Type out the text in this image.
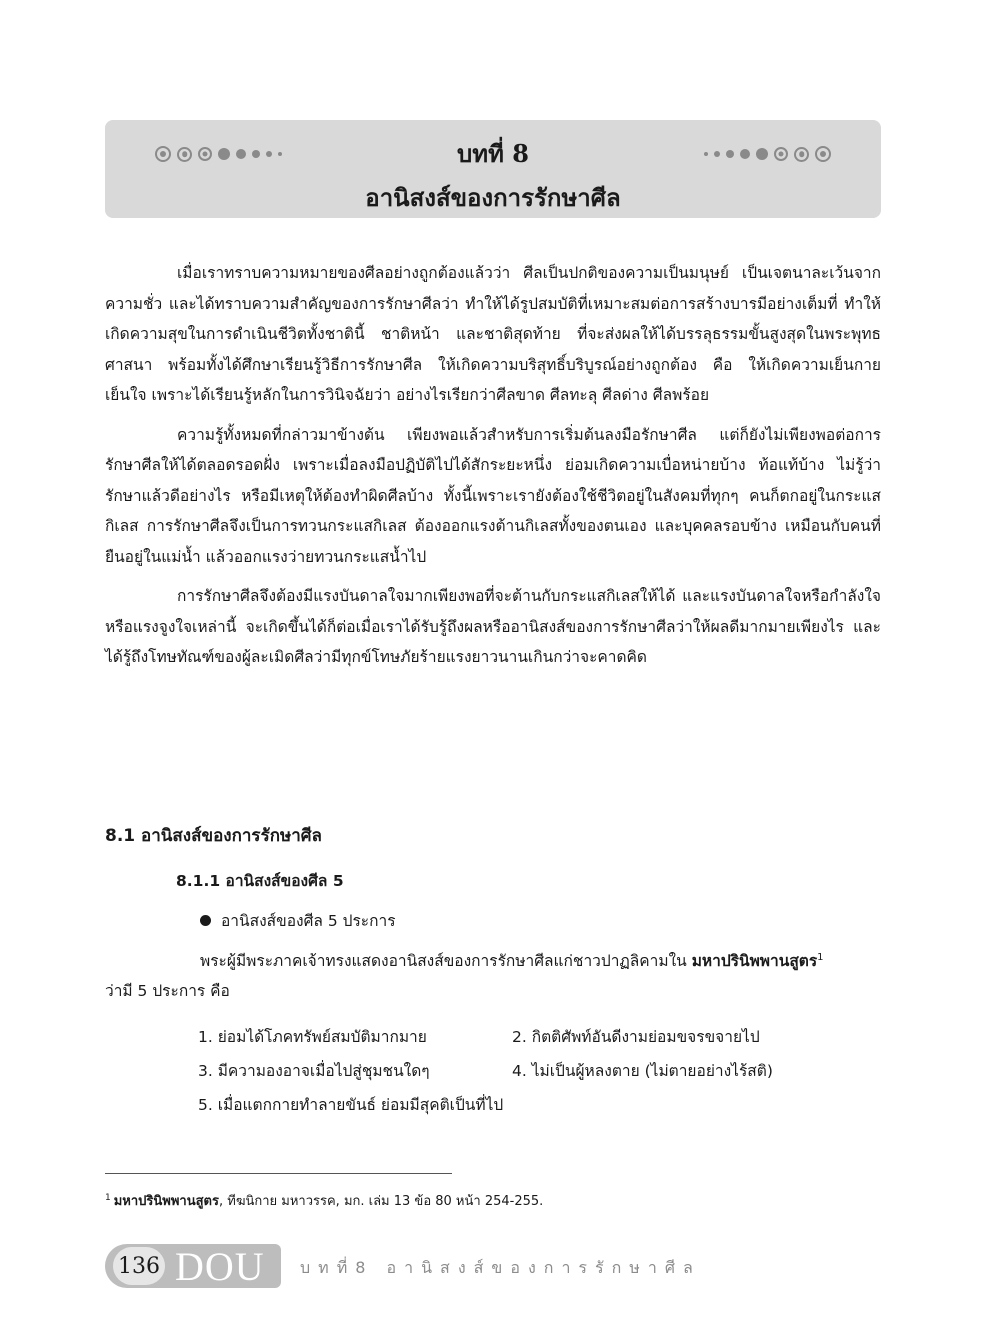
บทที่ 8
อานิสงส์ของการรักษาศีล

เมื่อเราทราบความหมายของศีลอย่างถูกต้องแล้วว่า ศีลเป็นปกติของความเป็นมนุษย์ เป็นเจตนาละเว้นจากความชั่ว และได้ทราบความสำคัญของการรักษาศีลว่า ทำให้ได้รูปสมบัติที่เหมาะสมต่อการสร้างบารมีอย่างเต็มที่ ทำให้เกิดความสุขในการดำเนินชีวิตทั้งชาตินี้ ชาติหน้า และชาติสุดท้าย ที่จะส่งผลให้ได้บรรลุธรรมขั้นสูงสุดในพระพุทธศาสนา พร้อมทั้งได้ศึกษาเรียนรู้วิธีการรักษาศีล ให้เกิดความบริสุทธิ์บริบูรณ์อย่างถูกต้อง คือ ให้เกิดความเย็นกาย เย็นใจ เพราะได้เรียนรู้หลักในการวินิจฉัยว่า อย่างไรเรียกว่าศีลขาด ศีลทะลุ ศีลด่าง ศีลพร้อย

ความรู้ทั้งหมดที่กล่าวมาข้างต้น เพียงพอแล้วสำหรับการเริ่มต้นลงมือรักษาศีล แต่ก็ยังไม่เพียงพอต่อการรักษาศีลให้ได้ตลอดรอดฝั่ง เพราะเมื่อลงมือปฏิบัติไปได้สักระยะหนึ่ง ย่อมเกิดความเบื่อหน่ายบ้าง ท้อแท้บ้าง ไม่รู้ว่ารักษาแล้วดีอย่างไร หรือมีเหตุให้ต้องทำผิดศีลบ้าง ทั้งนี้เพราะเรายังต้องใช้ชีวิตอยู่ในสังคมที่ทุกๆ คนก็ตกอยู่ในกระแสกิเลส การรักษาศีลจึงเป็นการทวนกระแสกิเลส ต้องออกแรงต้านกิเลสทั้งของตนเอง และบุคคลรอบข้าง เหมือนกับคนที่ยืนอยู่ในแม่น้ำ แล้วออกแรงว่ายทวนกระแสน้ำไป

การรักษาศีลจึงต้องมีแรงบันดาลใจมากเพียงพอที่จะต้านกับกระแสกิเลสให้ได้ และแรงบันดาลใจหรือกำลังใจ หรือแรงจูงใจเหล่านี้ จะเกิดขึ้นได้ก็ต่อเมื่อเราได้รับรู้ถึงผลหรืออานิสงส์ของการรักษาศีลว่าให้ผลดีมากมายเพียงไร และได้รู้ถึงโทษทัณฑ์ของผู้ละเมิดศีลว่ามีทุกข์โทษภัยร้ายแรงยาวนานเกินกว่าจะคาดคิด

8.1 อานิสงส์ของการรักษาศีล
8.1.1 อานิสงส์ของศีล 5
อานิสงส์ของศีล 5 ประการ

พระผู้มีพระภาคเจ้าทรงแสดงอานิสงส์ของการรักษาศีลแก่ชาวปาฏลิคามใน มหาปรินิพพานสูตร$^1$

ว่ามี 5 ประการ คือ

1. ย่อมได้โภคทรัพย์สมบัติมากมาย	2. กิตติศัพท์อันดีงามย่อมขจรขจายไป
3. มีความองอาจเมื่อไปสู่ชุมชนใดๆ	4. ไม่เป็นผู้หลงตาย (ไม่ตายอย่างไร้สติ)
5. เมื่อแตกกายทำลายขันธ์ ย่อมมีสุคติเป็นที่ไป
$^1$ มหาปรินิพพานสูตร, ทีฆนิกาย มหาวรรค, มก. เล่ม 13 ข้อ 80 หน้า 254-255.
136 DOU บทที่8 อานิสงส์ของการรักษาศีล
